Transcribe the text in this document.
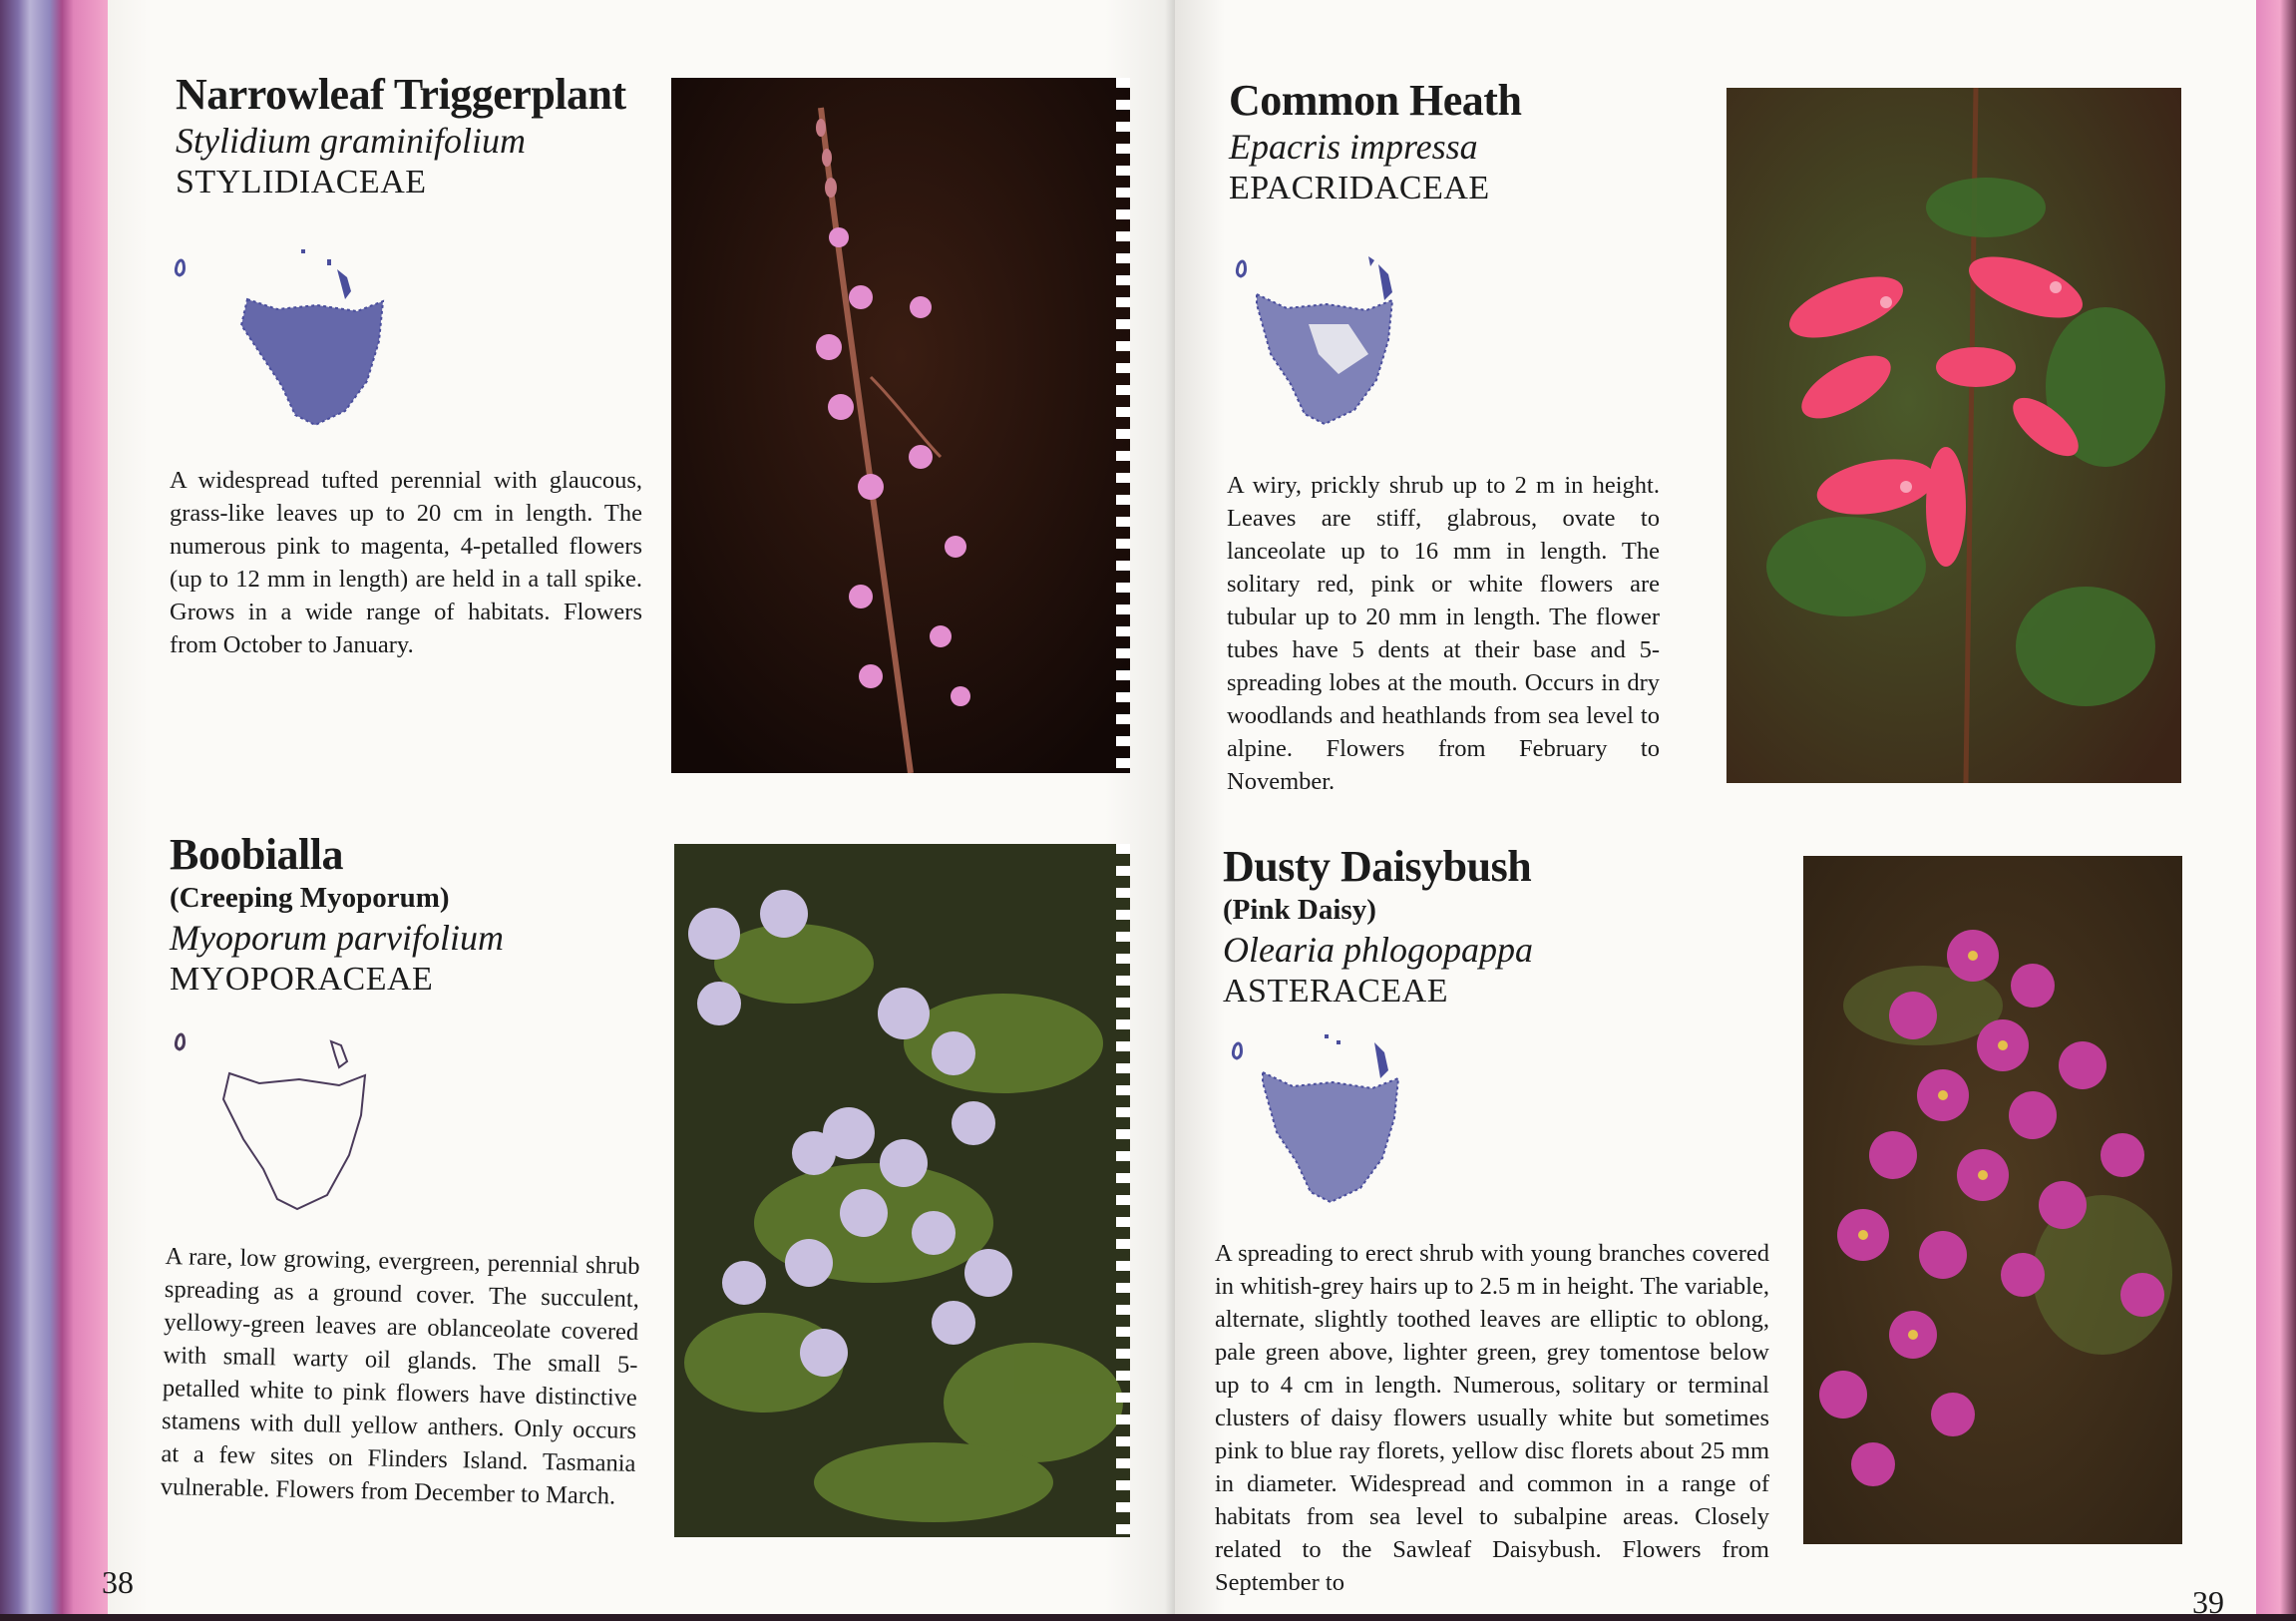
Narrowleaf Triggerplant

Stylidium graminifolium

STYLIDIACEAE

A widespread tufted perennial with glaucous, grass-like leaves up to 20 cm in length. The numerous pink to magenta, 4-petalled flowers (up to 12 mm in length) are held in a tall spike. Grows in a wide range of habitats. Flowers from October to January.

Boobialla

(Creeping Myoporum)

Myoporum parvifolium

MYOPORACEAE

A rare, low growing, evergreen, perennial shrub spreading as a ground cover. The succulent, yellowy-green leaves are oblanceolate covered with small warty oil glands. The small 5-petalled white to pink flowers have distinctive stamens with dull yellow anthers. Only occurs at a few sites on Flinders Island. Tasmania vulnerable. Flowers from December to March.

38
Common Heath

Epacris impressa

EPACRIDACEAE

A wiry, prickly shrub up to 2 m in height. Leaves are stiff, glabrous, ovate to lanceolate up to 16 mm in length. The solitary red, pink or white flowers are tubular up to 20 mm in length. The flower tubes have 5 dents at their base and 5-spreading lobes at the mouth. Occurs in dry woodlands and heathlands from sea level to alpine. Flowers from February to November.

Dusty Daisybush

(Pink Daisy)

Olearia phlogopappa

ASTERACEAE

A spreading to erect shrub with young branches covered in whitish-grey hairs up to 2.5 m in height. The variable, alternate, slightly toothed leaves are elliptic to oblong, pale green above, lighter green, grey tomentose below up to 4 cm in length. Numerous, solitary or terminal clusters of daisy flowers usually white but sometimes pink to blue ray florets, yellow disc florets about 25 mm in diameter. Widespread and common in a range of habitats from sea level to subalpine areas. Closely related to the Sawleaf Daisybush. Flowers from September to

39
